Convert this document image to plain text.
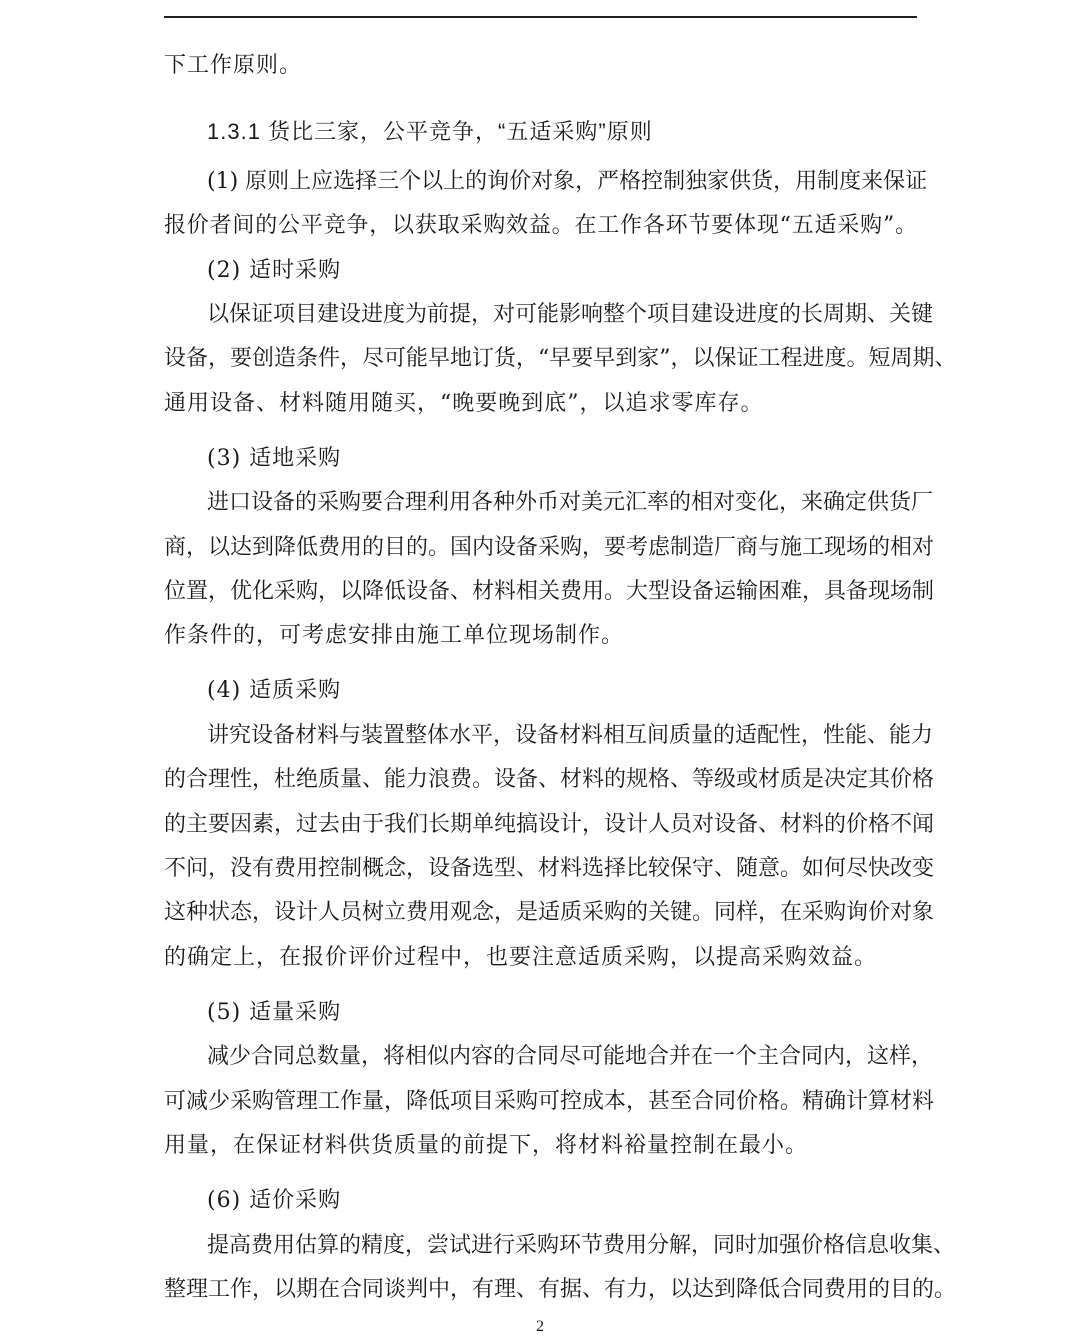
下工作原则。
1.3.1 货比三家，公平竞争，“五适采购”原则
(1) 原则上应选择三个以上的询价对象，严格控制独家供货，用制度来保证
报价者间的公平竞争，以获取采购效益。在工作各环节要体现“五适采购”。
(2) 适时采购
以保证项目建设进度为前提，对可能影响整个项目建设进度的长周期、关键
设备，要创造条件，尽可能早地订货，“早要早到家”，以保证工程进度。短周期、
通用设备、材料随用随买，“晚要晚到底”，以追求零库存。
(3) 适地采购
进口设备的采购要合理利用各种外币对美元汇率的相对变化，来确定供货厂
商，以达到降低费用的目的。国内设备采购，要考虑制造厂商与施工现场的相对
位置，优化采购，以降低设备、材料相关费用。大型设备运输困难，具备现场制
作条件的，可考虑安排由施工单位现场制作。
(4) 适质采购
讲究设备材料与装置整体水平，设备材料相互间质量的适配性，性能、能力
的合理性，杜绝质量、能力浪费。设备、材料的规格、等级或材质是决定其价格
的主要因素，过去由于我们长期单纯搞设计，设计人员对设备、材料的价格不闻
不问，没有费用控制概念，设备选型、材料选择比较保守、随意。如何尽快改变
这种状态，设计人员树立费用观念，是适质采购的关键。同样，在采购询价对象
的确定上，在报价评价过程中，也要注意适质采购，以提高采购效益。
(5) 适量采购
减少合同总数量，将相似内容的合同尽可能地合并在一个主合同内，这样，
可减少采购管理工作量，降低项目采购可控成本，甚至合同价格。精确计算材料
用量，在保证材料供货质量的前提下，将材料裕量控制在最小。
(6) 适价采购
提高费用估算的精度，尝试进行采购环节费用分解，同时加强价格信息收集、
整理工作，以期在合同谈判中，有理、有据、有力，以达到降低合同费用的目的。
2
